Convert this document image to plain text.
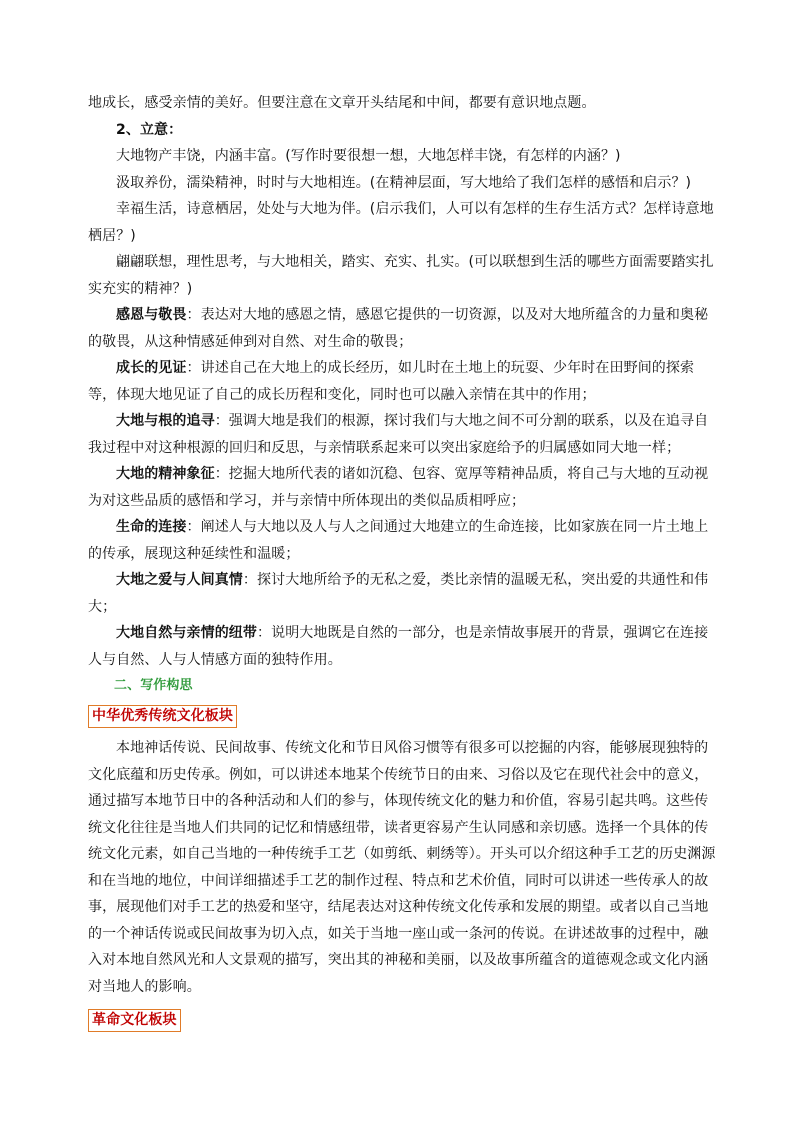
地成长，感受亲情的美好。但要注意在文章开头结尾和中间，都要有意识地点题。

2、立意：

大地物产丰饶，内涵丰富。(写作时要很想一想，大地怎样丰饶，有怎样的内涵？)

汲取养份，濡染精神，时时与大地相连。(在精神层面，写大地给了我们怎样的感悟和启示？)

幸福生活，诗意栖居，处处与大地为伴。(启示我们，人可以有怎样的生存生活方式？怎样诗意地栖居？)

翩翩联想，理性思考，与大地相关，踏实、充实、扎实。(可以联想到生活的哪些方面需要踏实扎实充实的精神？)

感恩与敬畏：表达对大地的感恩之情，感恩它提供的一切资源，以及对大地所蕴含的力量和奥秘的敬畏，从这种情感延伸到对自然、对生命的敬畏；

成长的见证：讲述自己在大地上的成长经历，如儿时在土地上的玩耍、少年时在田野间的探索等，体现大地见证了自己的成长历程和变化，同时也可以融入亲情在其中的作用；

大地与根的追寻：强调大地是我们的根源，探讨我们与大地之间不可分割的联系，以及在追寻自我过程中对这种根源的回归和反思，与亲情联系起来可以突出家庭给予的归属感如同大地一样；

大地的精神象征：挖掘大地所代表的诸如沉稳、包容、宽厚等精神品质，将自己与大地的互动视为对这些品质的感悟和学习，并与亲情中所体现出的类似品质相呼应；

生命的连接：阐述人与大地以及人与人之间通过大地建立的生命连接，比如家族在同一片土地上的传承，展现这种延续性和温暖；

大地之爱与人间真情：探讨大地所给予的无私之爱，类比亲情的温暖无私，突出爱的共通性和伟大；

大地自然与亲情的纽带：说明大地既是自然的一部分，也是亲情故事展开的背景，强调它在连接人与自然、人与人情感方面的独特作用。

二、写作构思

中华优秀传统文化板块

本地神话传说、民间故事、传统文化和节日风俗习惯等有很多可以挖掘的内容，能够展现独特的文化底蕴和历史传承。例如，可以讲述本地某个传统节日的由来、习俗以及它在现代社会中的意义，通过描写本地节日中的各种活动和人们的参与，体现传统文化的魅力和价值，容易引起共鸣。这些传统文化往往是当地人们共同的记忆和情感纽带，读者更容易产生认同感和亲切感。选择一个具体的传统文化元素，如自己当地的一种传统手工艺（如剪纸、刺绣等）。开头可以介绍这种手工艺的历史渊源和在当地的地位，中间详细描述手工艺的制作过程、特点和艺术价值，同时可以讲述一些传承人的故事，展现他们对手工艺的热爱和坚守，结尾表达对这种传统文化传承和发展的期望。或者以自己当地的一个神话传说或民间故事为切入点，如关于当地一座山或一条河的传说。在讲述故事的过程中，融入对本地自然风光和人文景观的描写，突出其的神秘和美丽，以及故事所蕴含的道德观念或文化内涵对当地人的影响。

革命文化板块
